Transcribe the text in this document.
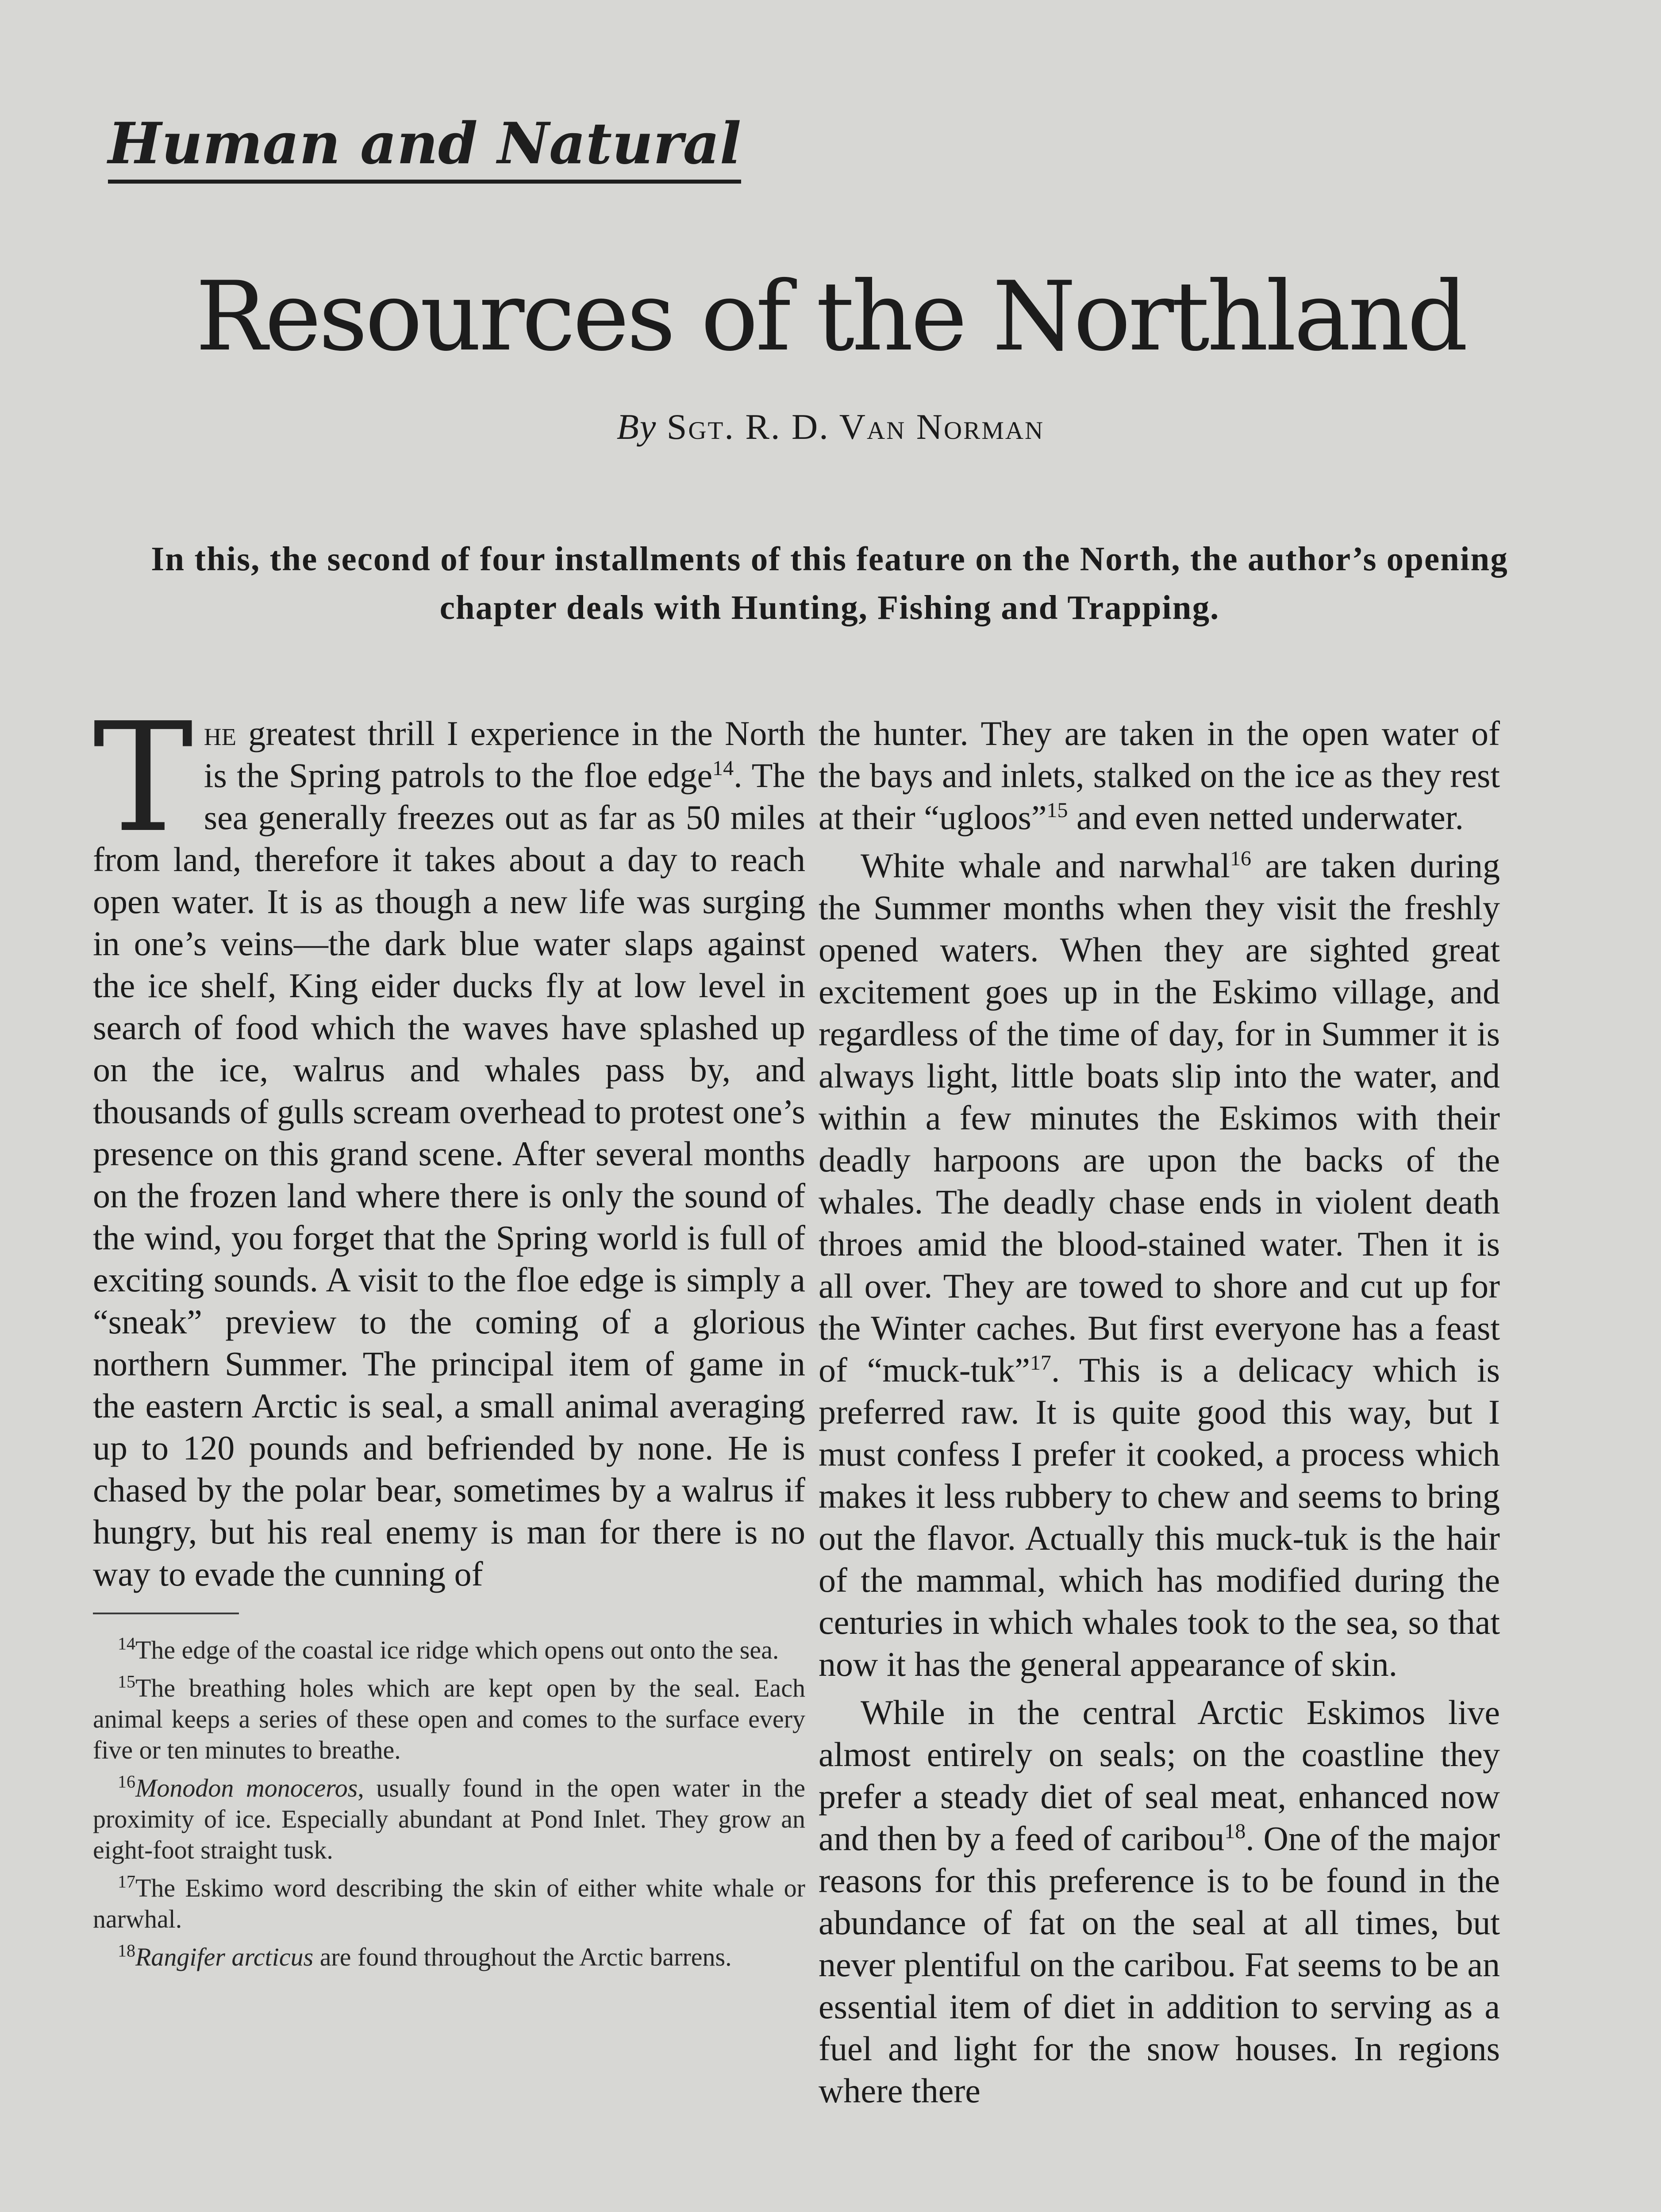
Human and Natural
Resources of the Northland
By Sgt. R. D. Van Norman
In this, the second of four installments of this feature on the North, the author’s opening chapter deals with Hunting, Fishing and Trapping.

The greatest thrill I experience in the North is the Spring patrols to the floe edge$^{14}$. The sea generally freezes out as far as 50 miles from land, therefore it takes about a day to reach open water. It is as though a new life was surging in one’s veins—the dark blue water slaps against the ice shelf, King eider ducks fly at low level in search of food which the waves have splashed up on the ice, walrus and whales pass by, and thousands of gulls scream overhead to protest one’s presence on this grand scene. After several months on the frozen land where there is only the sound of the wind, you forget that the Spring world is full of exciting sounds. A visit to the floe edge is simply a “sneak” preview to the coming of a glorious northern Summer. The principal item of game in the eastern Arctic is seal, a small animal averaging up to 120 pounds and befriended by none. He is chased by the polar bear, sometimes by a walrus if hungry, but his real enemy is man for there is no way to evade the cunning of

$^{14}$The edge of the coastal ice ridge which opens out onto the sea.

$^{15}$The breathing holes which are kept open by the seal. Each animal keeps a series of these open and comes to the surface every five or ten minutes to breathe.

$^{16}$Monodon monoceros, usually found in the open water in the proximity of ice. Especially abundant at Pond Inlet. They grow an eight-foot straight tusk.

$^{17}$The Eskimo word describing the skin of either white whale or narwhal.

$^{18}$Rangifer arcticus are found throughout the Arctic barrens.

the hunter. They are taken in the open water of the bays and inlets, stalked on the ice as they rest at their “ugloos”$^{15}$ and even netted underwater.

White whale and narwhal$^{16}$ are taken during the Summer months when they visit the freshly opened waters. When they are sighted great excitement goes up in the Eskimo village, and regardless of the time of day, for in Summer it is always light, little boats slip into the water, and within a few minutes the Eskimos with their deadly harpoons are upon the backs of the whales. The deadly chase ends in violent death throes amid the blood-stained water. Then it is all over. They are towed to shore and cut up for the Winter caches. But first everyone has a feast of “muck-tuk”$^{17}$. This is a delicacy which is preferred raw. It is quite good this way, but I must confess I prefer it cooked, a process which makes it less rubbery to chew and seems to bring out the flavor. Actually this muck-tuk is the hair of the mammal, which has modified during the centuries in which whales took to the sea, so that now it has the general appearance of skin.

While in the central Arctic Eskimos live almost entirely on seals; on the coastline they prefer a steady diet of seal meat, enhanced now and then by a feed of caribou$^{18}$. One of the major reasons for this preference is to be found in the abundance of fat on the seal at all times, but never plentiful on the caribou. Fat seems to be an essential item of diet in addition to serving as a fuel and light for the snow houses. In regions where there
